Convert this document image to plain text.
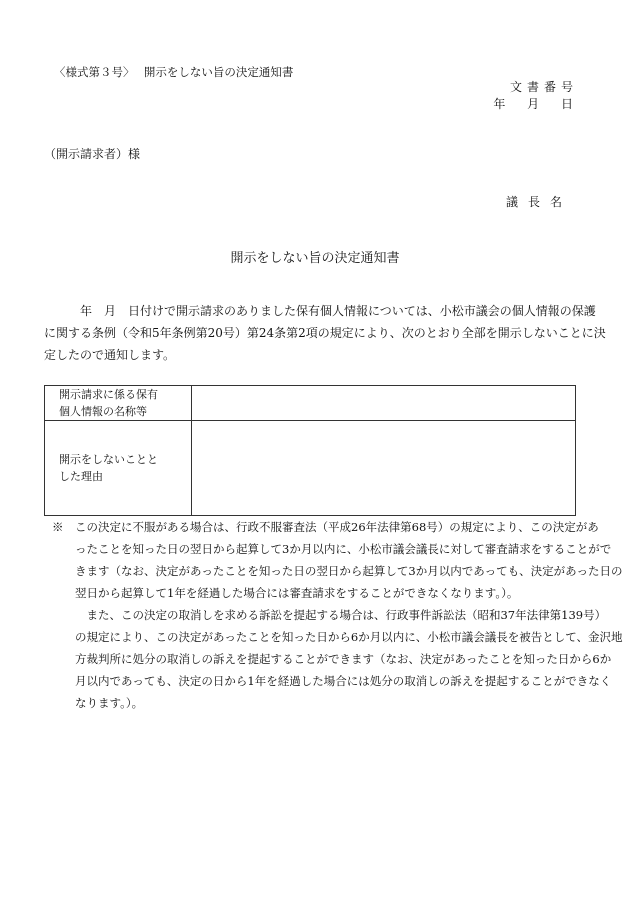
〈様式第３号〉　 開示をしない旨の決定通知書
文書番号
年 月 日
（開示請求者）様
議長名
開示をしない旨の決定通知書

　　　年　月　日付けで開示請求のありました保有個人情報については、小松市議会の個人情報の保護

に関する条例（令和5年条例第20号）第24条第2項の規定により、次のとおり全部を開示しないことに決

定したので通知します。

開示請求に係る保有
個人情報の名称等	

開示をしないことと
した理由	

※　この決定に不服がある場合は、行政不服審査法（平成26年法律第68号）の規定により、この決定があ

　　ったことを知った日の翌日から起算して3か月以内に、小松市議会議長に対して審査請求をすることがで

　　きます（なお、決定があったことを知った日の翌日から起算して3か月以内であっても、決定があった日の

　　翌日から起算して1年を経過した場合には審査請求をすることができなくなります。）。

　　　また、この決定の取消しを求める訴訟を提起する場合は、行政事件訴訟法（昭和37年法律第139号）

　　の規定により、この決定があったことを知った日から6か月以内に、小松市議会議長を被告として、金沢地

　　方裁判所に処分の取消しの訴えを提起することができます（なお、決定があったことを知った日から6か

　　月以内であっても、決定の日から1年を経過した場合には処分の取消しの訴えを提起することができなく

　　なります。）。
